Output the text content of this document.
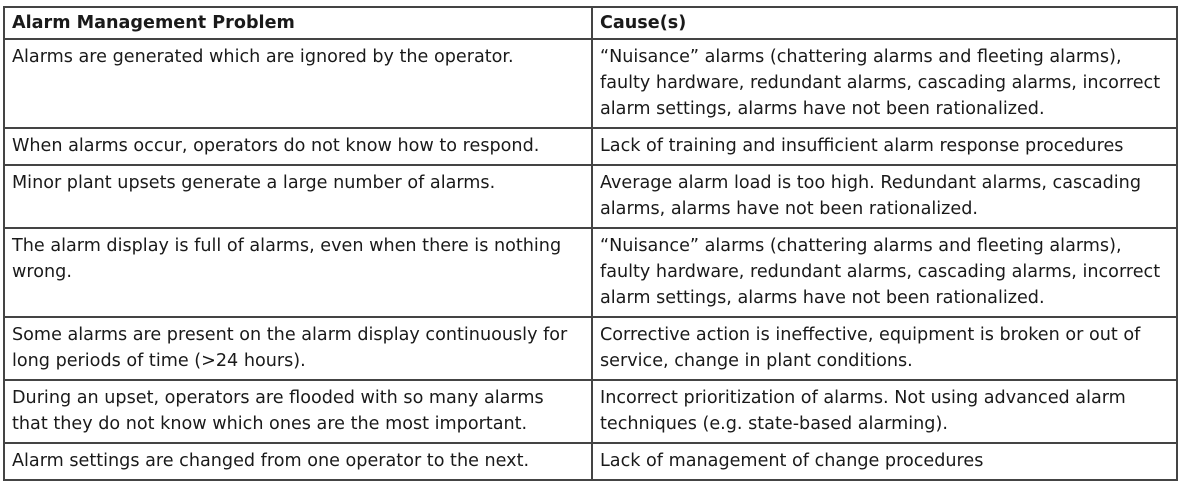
Alarm Management Problem	Cause(s)
Alarms are generated which are ignored by the operator.	“Nuisance” alarms (chattering alarms and fleeting alarms), faulty hardware, redundant alarms, cascading alarms, incorrect alarm settings, alarms have not been rationalized.
When alarms occur, operators do not know how to respond.	Lack of training and insufficient alarm response procedures
Minor plant upsets generate a large number of alarms.	Average alarm load is too high. Redundant alarms, cascading alarms, alarms have not been rationalized.
The alarm display is full of alarms, even when there is nothing wrong.	“Nuisance” alarms (chattering alarms and fleeting alarms), faulty hardware, redundant alarms, cascading alarms, incorrect alarm settings, alarms have not been rationalized.
Some alarms are present on the alarm display continuously for long periods of time (>24 hours).	Corrective action is ineffective, equipment is broken or out of service, change in plant conditions.
During an upset, operators are flooded with so many alarms that they do not know which ones are the most important.	Incorrect prioritization of alarms. Not using advanced alarm techniques (e.g. state-based alarming).
Alarm settings are changed from one operator to the next.	Lack of management of change procedures
